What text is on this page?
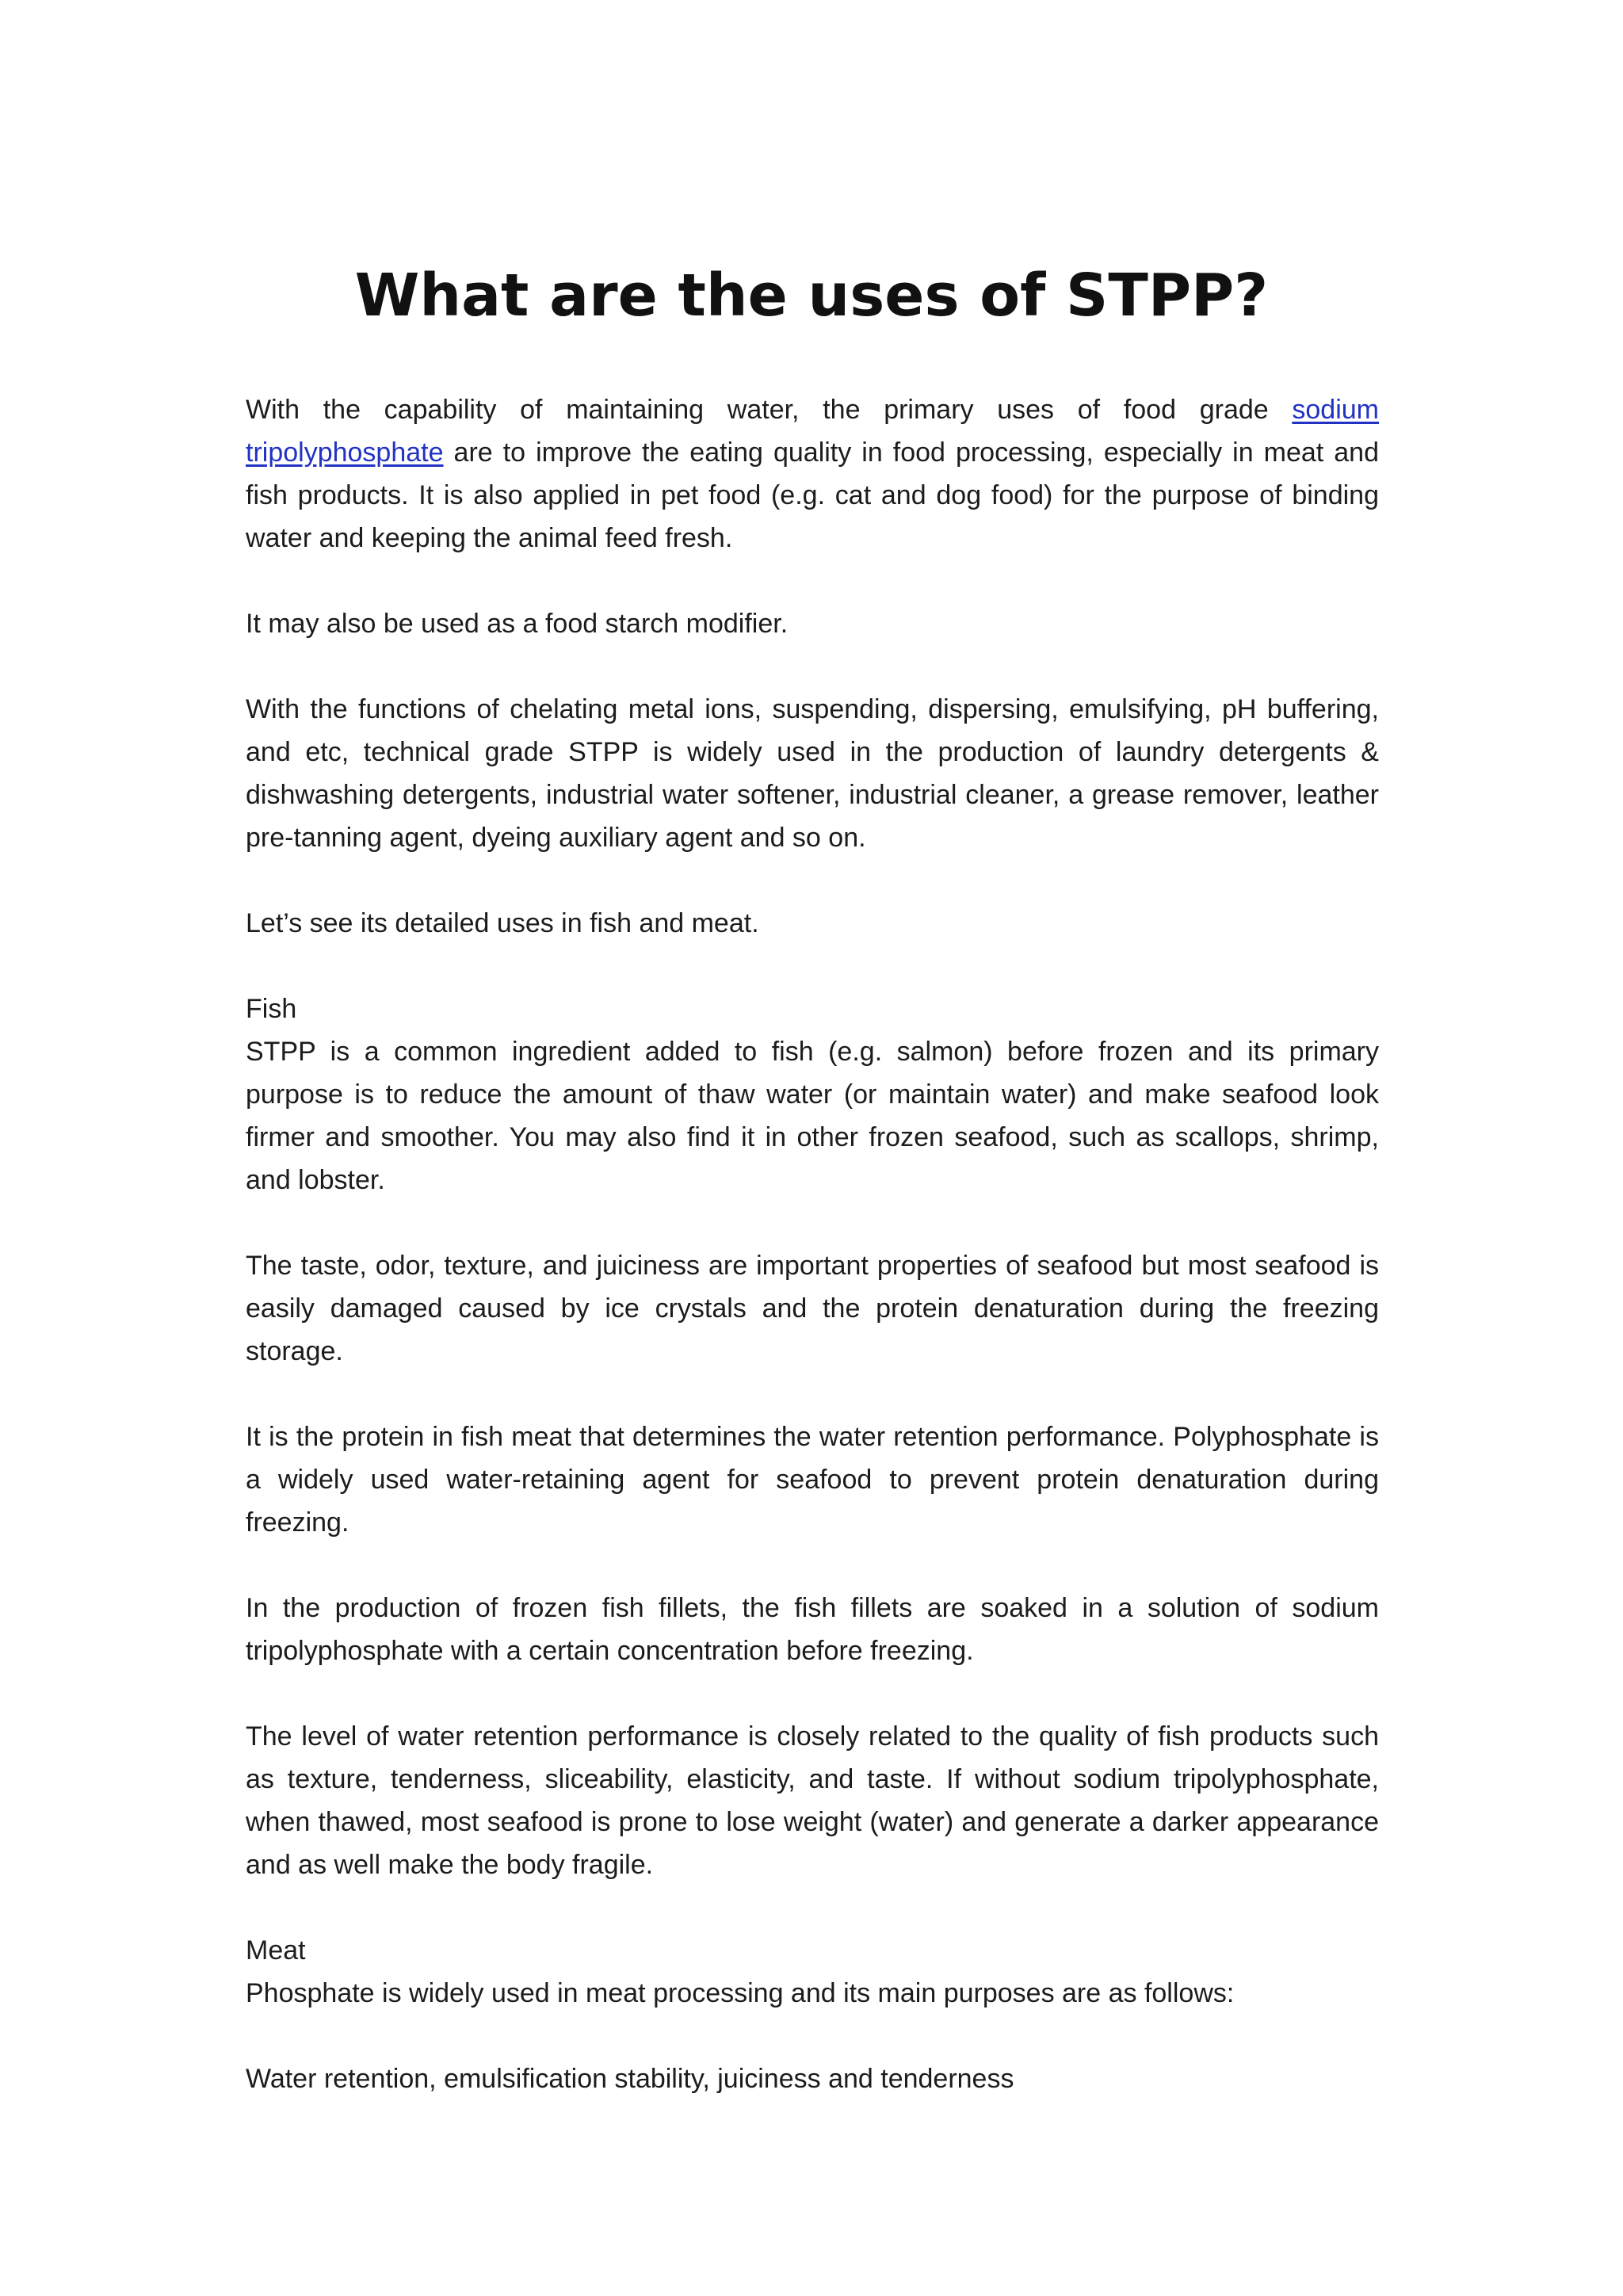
What are the uses of STPP?

With the capability of maintaining water, the primary uses of food grade sodium tripolyphosphate are to improve the eating quality in food processing, especially in meat and fish products. It is also applied in pet food (e.g. cat and dog food) for the purpose of binding water and keeping the animal feed fresh.

It may also be used as a food starch modifier.

With the functions of chelating metal ions, suspending, dispersing, emulsifying, pH buffering, and etc, technical grade STPP is widely used in the production of laundry detergents & dishwashing detergents, industrial water softener, industrial cleaner, a grease remover, leather pre-tanning agent, dyeing auxiliary agent and so on.

Let’s see its detailed uses in fish and meat.

Fish

STPP is a common ingredient added to fish (e.g. salmon) before frozen and its primary purpose is to reduce the amount of thaw water (or maintain water) and make seafood look firmer and smoother. You may also find it in other frozen seafood, such as scallops, shrimp, and lobster.

The taste, odor, texture, and juiciness are important properties of seafood but most seafood is easily damaged caused by ice crystals and the protein denaturation during the freezing storage.

It is the protein in fish meat that determines the water retention performance. Polyphosphate is a widely used water-retaining agent for seafood to prevent protein denaturation during freezing.

In the production of frozen fish fillets, the fish fillets are soaked in a solution of sodium tripolyphosphate with a certain concentration before freezing.

The level of water retention performance is closely related to the quality of fish products such as texture, tenderness, sliceability, elasticity, and taste. If without sodium tripolyphosphate, when thawed, most seafood is prone to lose weight (water) and generate a darker appearance and as well make the body fragile.

Meat

Phosphate is widely used in meat processing and its main purposes are as follows:

Water retention, emulsification stability, juiciness and tenderness
